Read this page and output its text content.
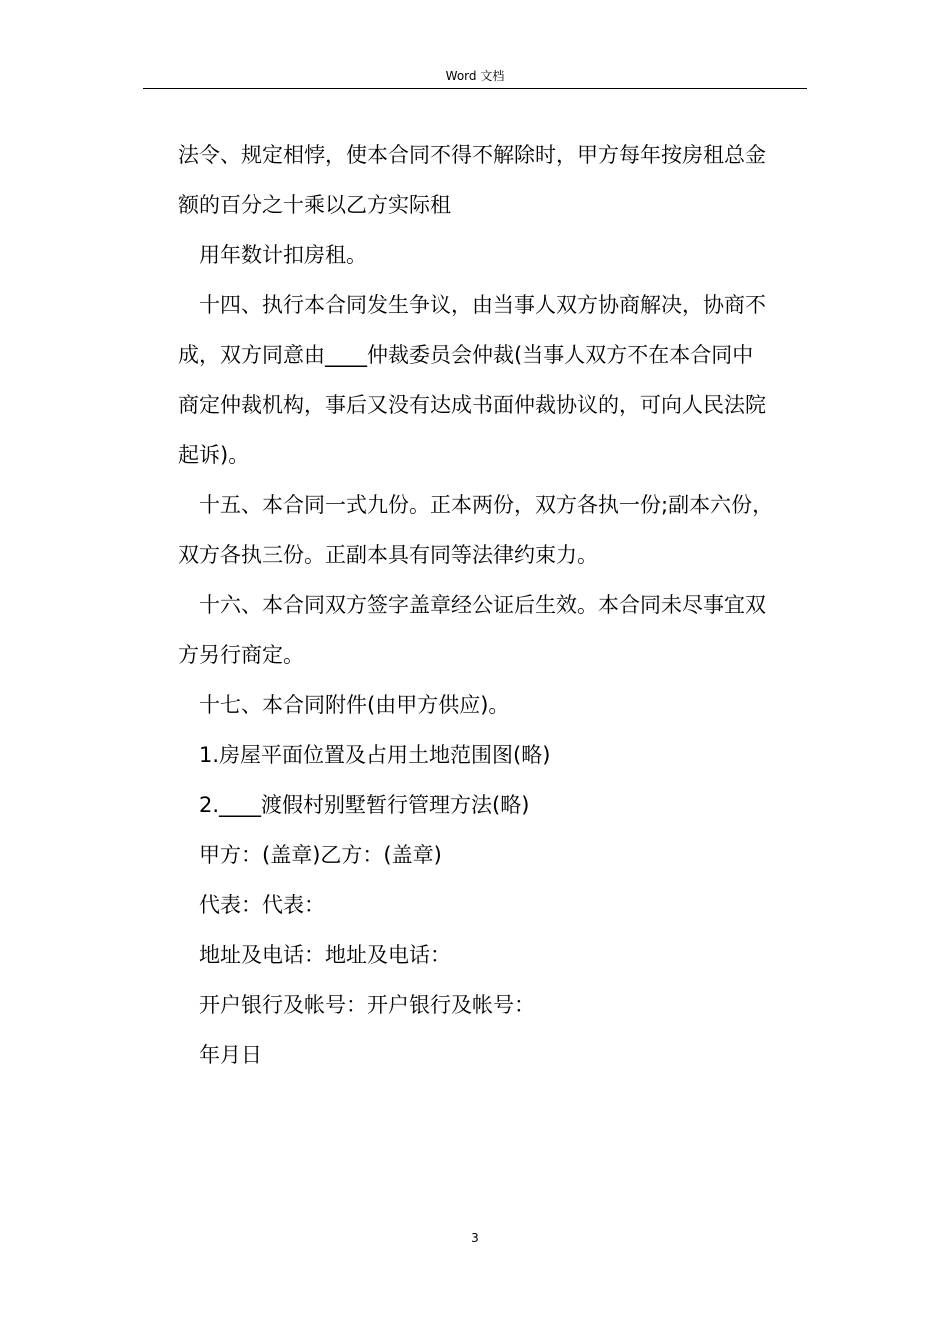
Word 文档
法令、规定相悖，使本合同不得不解除时，甲方每年按房租总金
额的百分之十乘以乙方实际租
用年数计扣房租。
十四、执行本合同发生争议，由当事人双方协商解决，协商不
成，双方同意由____仲裁委员会仲裁(当事人双方不在本合同中
商定仲裁机构，事后又没有达成书面仲裁协议的，可向人民法院
起诉)。
十五、本合同一式九份。正本两份，双方各执一份;副本六份，
双方各执三份。正副本具有同等法律约束力。
十六、本合同双方签字盖章经公证后生效。本合同未尽事宜双
方另行商定。
十七、本合同附件(由甲方供应)。
1.房屋平面位置及占用土地范围图(略)
2.____渡假村别墅暂行管理方法(略)
甲方：(盖章)乙方：(盖章)
代表：代表：
地址及电话：地址及电话：
开户银行及帐号：开户银行及帐号：
年月日
3
